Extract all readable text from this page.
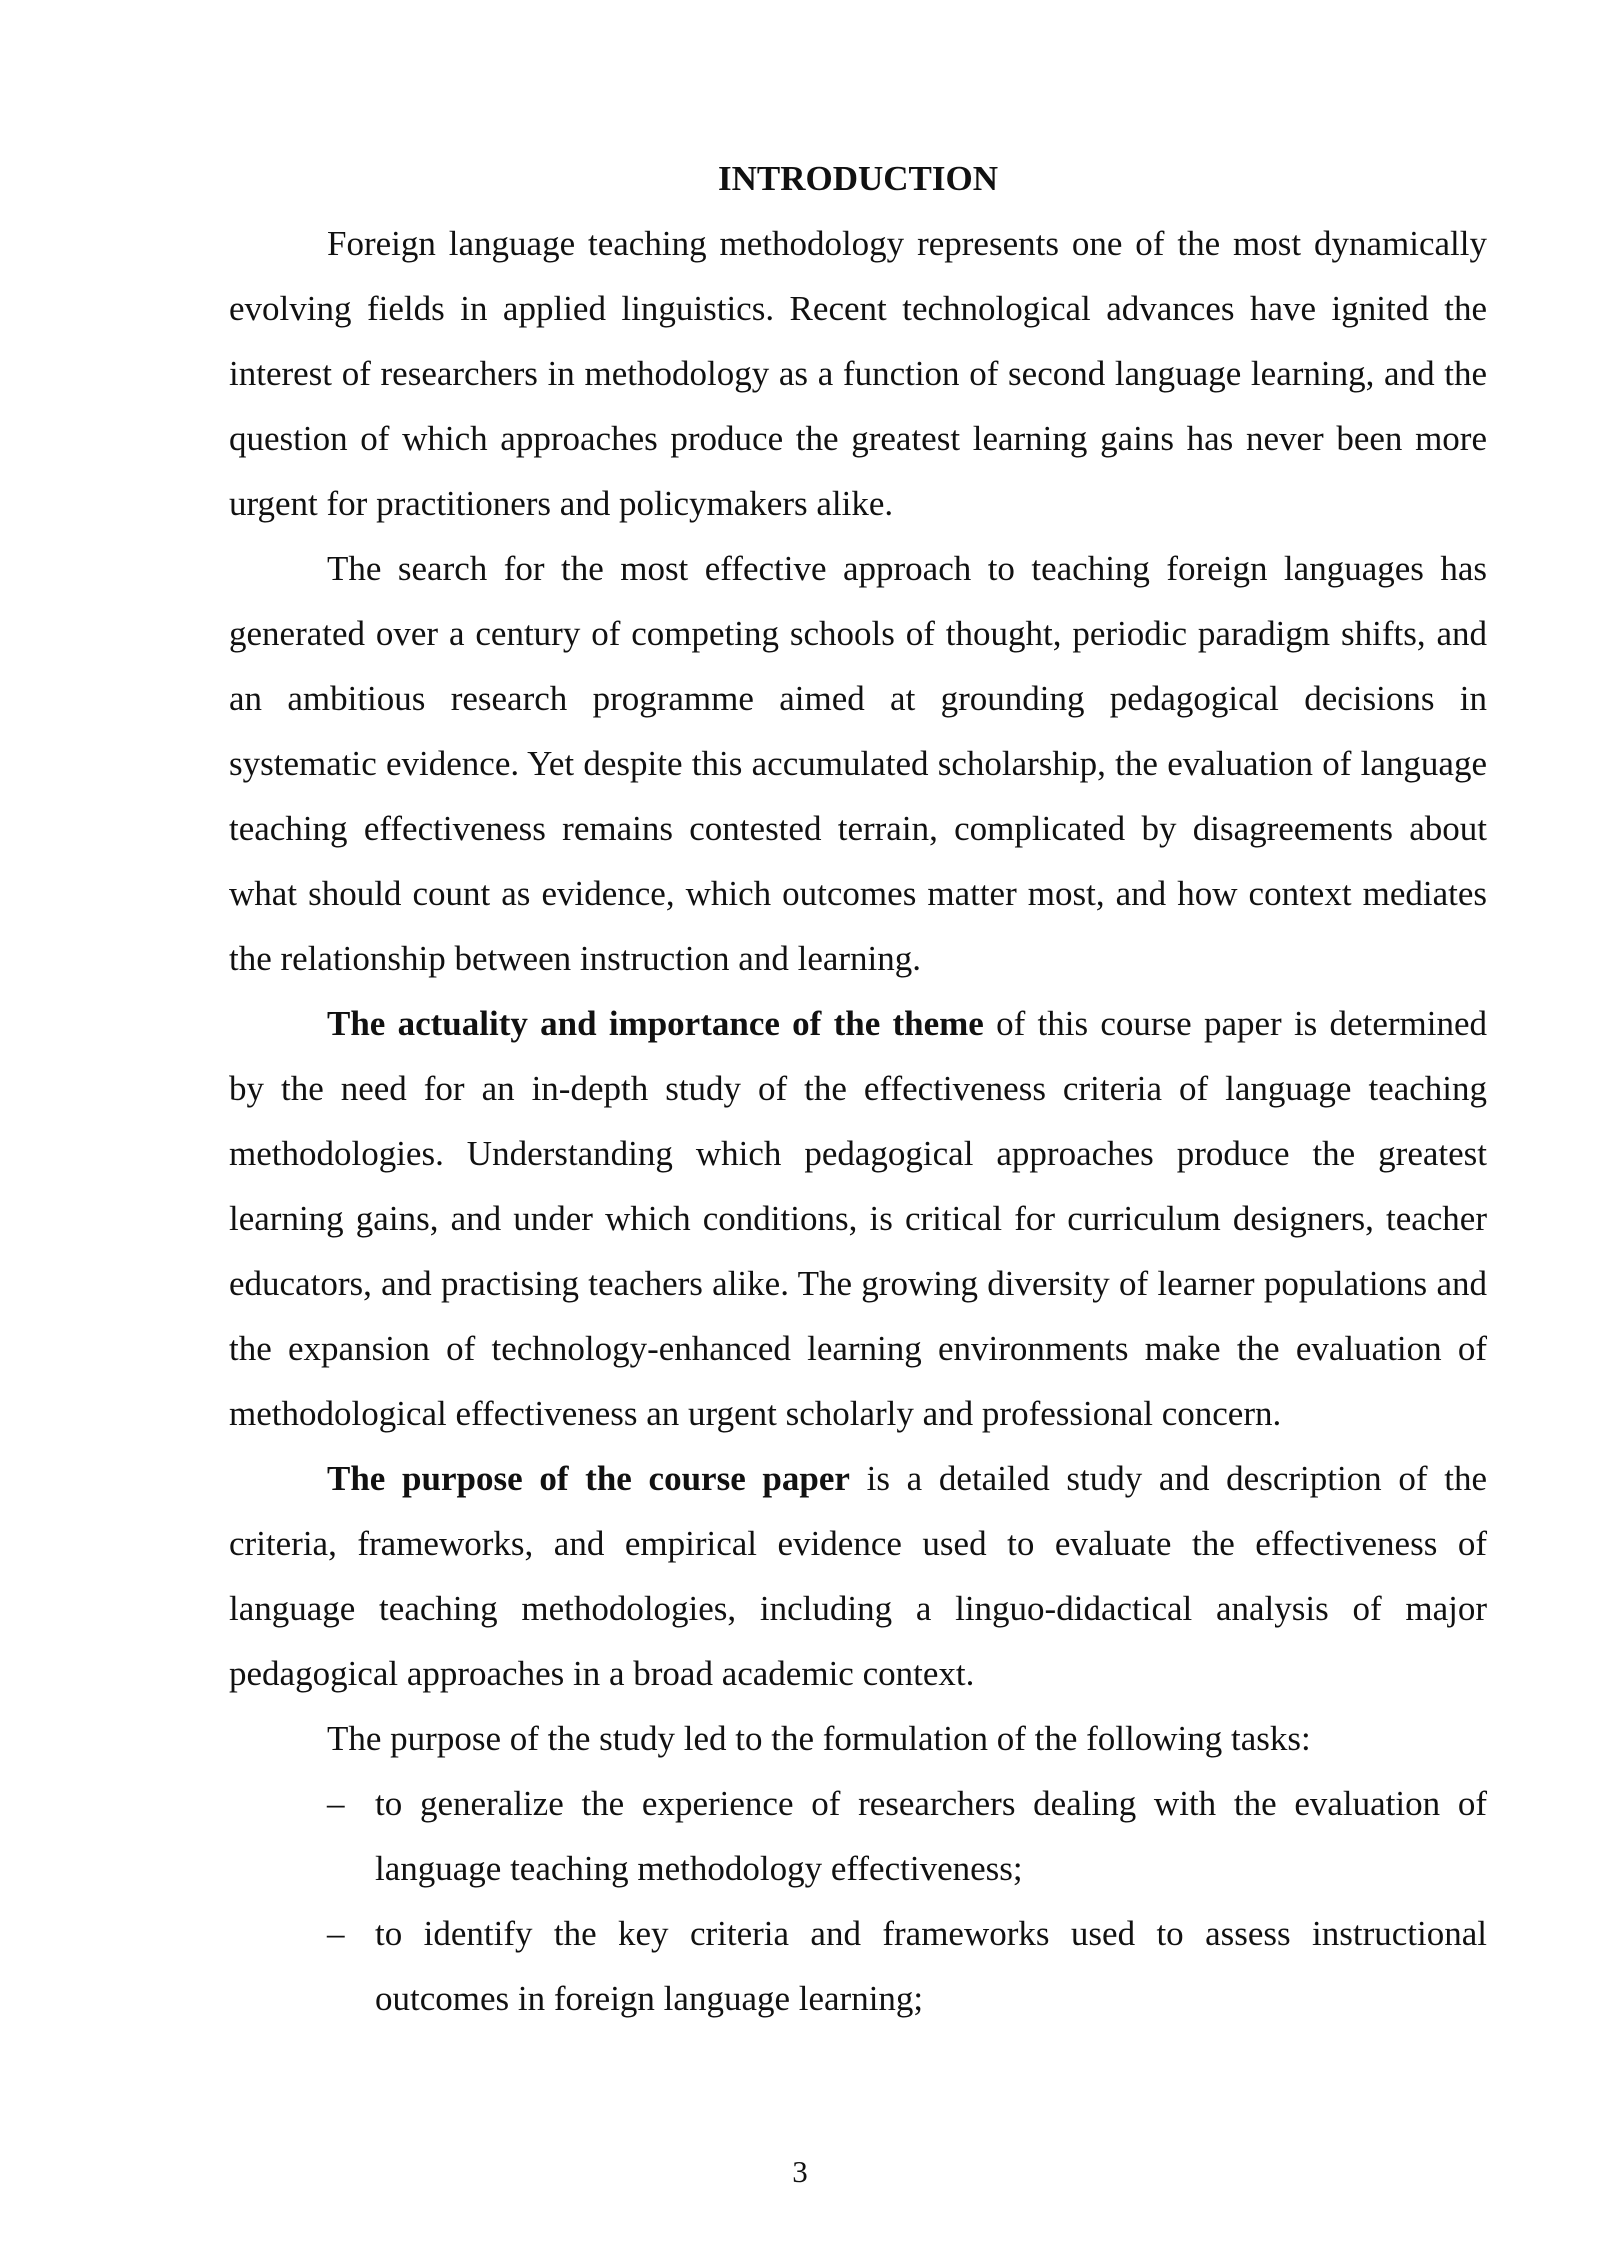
INTRODUCTION

Foreign language teaching methodology represents one of the most dynamically evolving fields in applied linguistics. Recent technological advances have ignited the interest of researchers in methodology as a function of second language learning, and the question of which approaches produce the greatest learning gains has never been more urgent for practitioners and policymakers alike.

The search for the most effective approach to teaching foreign languages has generated over a century of competing schools of thought, periodic paradigm shifts, and an ambitious research programme aimed at grounding pedagogical decisions in systematic evidence. Yet despite this accumulated scholarship, the evaluation of language teaching effectiveness remains contested terrain, complicated by disagreements about what should count as evidence, which outcomes matter most, and how context mediates the relationship between instruction and learning.

The actuality and importance of the theme of this course paper is determined by the need for an in-depth study of the effectiveness criteria of language teaching methodologies. Understanding which pedagogical approaches produce the greatest learning gains, and under which conditions, is critical for curriculum designers, teacher educators, and practising teachers alike. The growing diversity of learner populations and the expansion of technology-enhanced learning environments make the evaluation of methodological effectiveness an urgent scholarly and professional concern.

The purpose of the course paper is a detailed study and description of the criteria, frameworks, and empirical evidence used to evaluate the effectiveness of language teaching methodologies, including a linguo-didactical analysis of major pedagogical approaches in a broad academic context.

The purpose of the study led to the formulation of the following tasks:

– to generalize the experience of researchers dealing with the evaluation of language teaching methodology effectiveness;
– to identify the key criteria and frameworks used to assess instructional outcomes in foreign language learning;
3
